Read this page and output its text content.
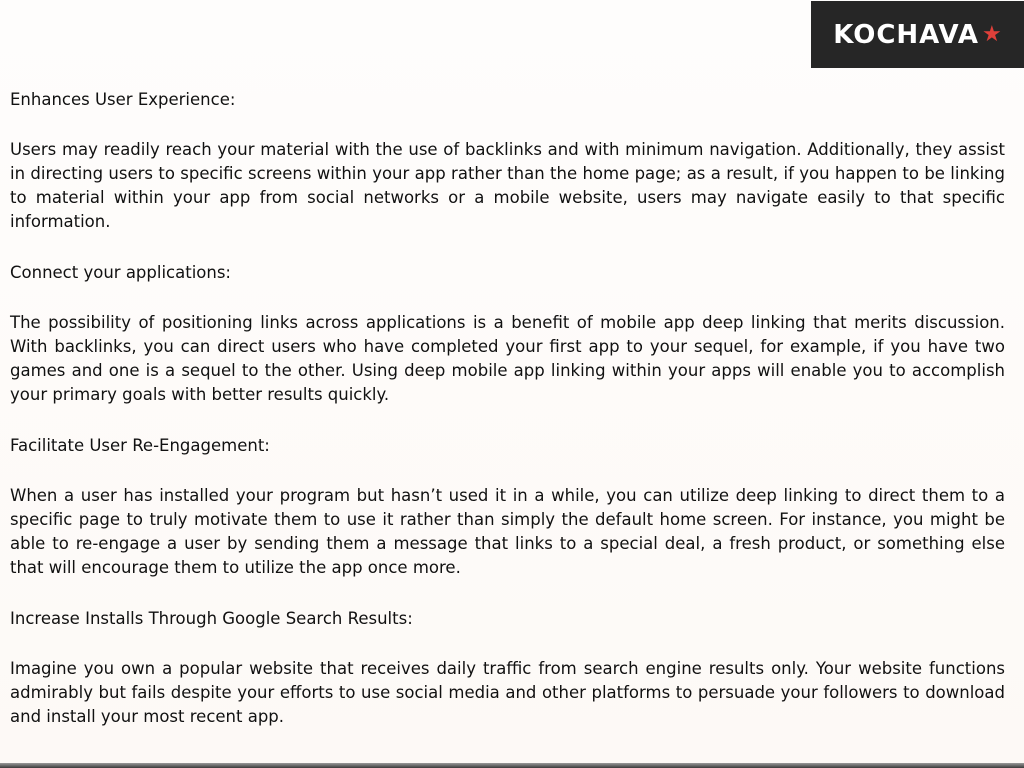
KOCHAVA ★

Enhances User Experience:

Users may readily reach your material with the use of backlinks and with minimum navigation. Additionally, they assist in directing users to specific screens within your app rather than the home page; as a result, if you happen to be linking to material within your app from social networks or a mobile website, users may navigate easily to that specific information.

Connect your applications:

The possibility of positioning links across applications is a benefit of mobile app deep linking that merits discussion. With backlinks, you can direct users who have completed your first app to your sequel, for example, if you have two games and one is a sequel to the other. Using deep mobile app linking within your apps will enable you to accomplish your primary goals with better results quickly.

Facilitate User Re-Engagement:

When a user has installed your program but hasn’t used it in a while, you can utilize deep linking to direct them to a specific page to truly motivate them to use it rather than simply the default home screen. For instance, you might be able to re-engage a user by sending them a message that links to a special deal, a fresh product, or something else that will encourage them to utilize the app once more.

Increase Installs Through Google Search Results:

Imagine you own a popular website that receives daily traffic from search engine results only. Your website functions admirably but fails despite your efforts to use social media and other platforms to persuade your followers to download and install your most recent app.
